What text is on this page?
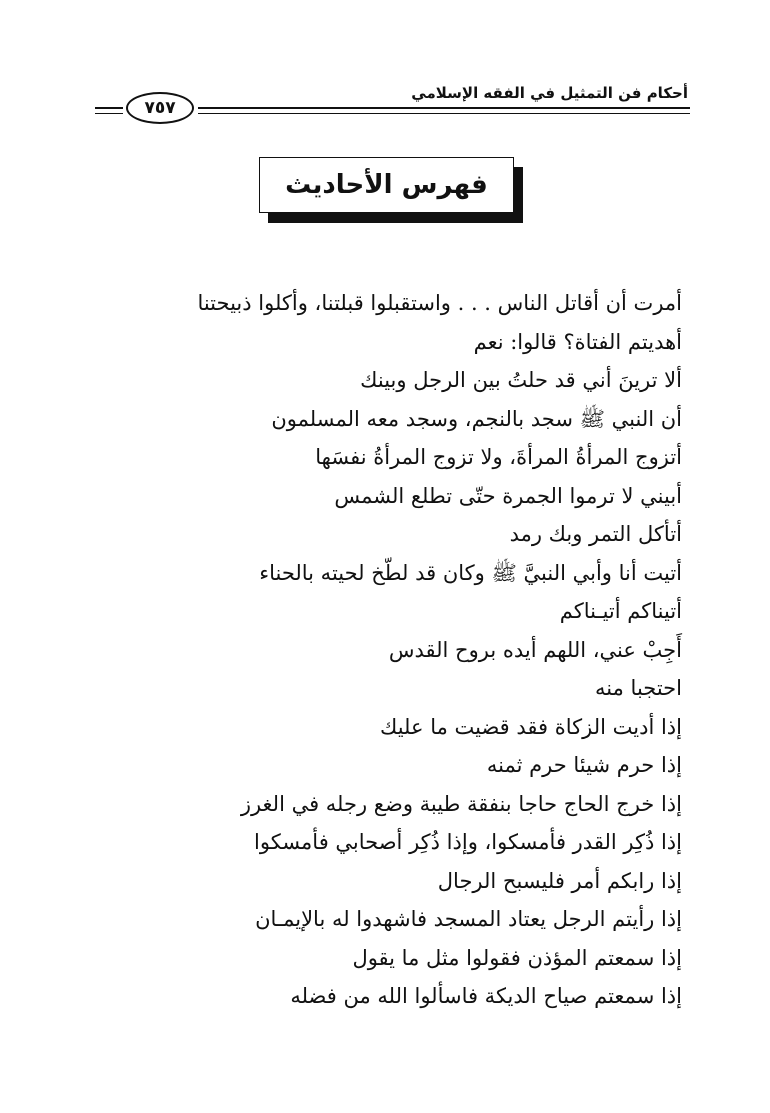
أحكام فن التمثيل في الفقه الإسلامي
٧٥٧
فهرس الأحاديث
أمرت أن أقاتل الناس . . . واستقبلوا قبلتنا، وأكلوا ذبيحتنا
أهديتم الفتاة؟ قالوا: نعم
ألا ترينَ أني قد حلتُ بين الرجل وبينك
أن النبي ﷺ سجد بالنجم، وسجد معه المسلمون
أتزوج المرأةُ المرأةَ، ولا تزوج المرأةُ نفسَها
أبيني لا ترموا الجمرة حتّى تطلع الشمس
أتأكل التمر وبك رمد
أتيت أنا وأبي النبيَّ ﷺ وكان قد لطّخ لحيته بالحناء
أتيناكم أتيـناكم
أَجِبْ عني، اللهم أيده بروح القدس
احتجبا منه
إذا أديت الزكاة فقد قضيت ما عليك
إذا حرم شيئا حرم ثمنه
إذا خرج الحاج حاجا بنفقة طيبة وضع رجله في الغرز
إذا ذُكِر القدر فأمسكوا، وإذا ذُكِر أصحابي فأمسكوا
إذا رابكم أمر فليسبح الرجال
إذا رأيتم الرجل يعتاد المسجد فاشهدوا له بالإيمـان
إذا سمعتم المؤذن فقولوا مثل ما يقول
إذا سمعتم صياح الديكة فاسألوا الله من فضله
